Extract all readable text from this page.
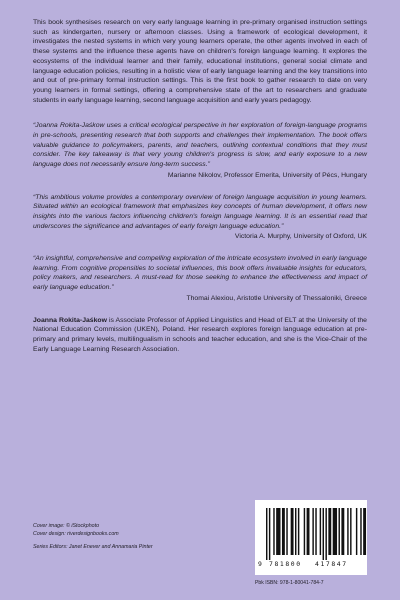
This book synthesises research on very early language learning in pre-primary organised instruction settings such as kindergarten, nursery or afternoon classes. Using a framework of ecological development, it investigates the nested systems in which very young learners operate, the other agents involved in each of these systems and the influence these agents have on children's foreign language learning. It explores the ecosystems of the individual learner and their family, educational institutions, general social climate and language education policies, resulting in a holistic view of early language learning and the key transitions into and out of pre-primary formal instruction settings. This is the first book to gather research to date on very young learners in formal settings, offering a comprehensive state of the art to researchers and graduate students in early language learning, second language acquisition and early years pedagogy.

“Joanna Rokita-Jaśkow uses a critical ecological perspective in her exploration of foreign-language programs in pre-schools, presenting research that both supports and challenges their implementation. The book offers valuable guidance to policymakers, parents, and teachers, outlining contextual conditions that they must consider. The key takeaway is that very young children's progress is slow, and early exposure to a new language does not necessarily ensure long-term success.”

Marianne Nikolov, Professor Emerita, University of Pécs, Hungary

“This ambitious volume provides a contemporary overview of foreign language acquisition in young learners. Situated within an ecological framework that emphasizes key concepts of human development, it offers new insights into the various factors influencing children's foreign language learning. It is an essential read that underscores the significance and advantages of early foreign language education.”

Victoria A. Murphy, University of Oxford, UK

“An insightful, comprehensive and compelling exploration of the intricate ecosystem involved in early language learning. From cognitive propensities to societal influences, this book offers invaluable insights for educators, policy makers, and researchers. A must-read for those seeking to enhance the effectiveness and impact of early language education.”

Thomai Alexiou, Aristotle University of Thessaloniki, Greece

Joanna Rokita-Jaśkow is Associate Professor of Applied Linguistics and Head of ELT at the University of the National Education Commission (UKEN), Poland. Her research explores foreign language education at pre-primary and primary levels, multilingualism in schools and teacher education, and she is the Vice-Chair of the Early Language Learning Research Association.

Cover image: © iStockphoto
Cover design: riverdesignbooks.com
Series Editors: Janet Enever and Annamaria Pinter
9 781800 417847
Pbk ISBN: 978-1-80041-784-7
